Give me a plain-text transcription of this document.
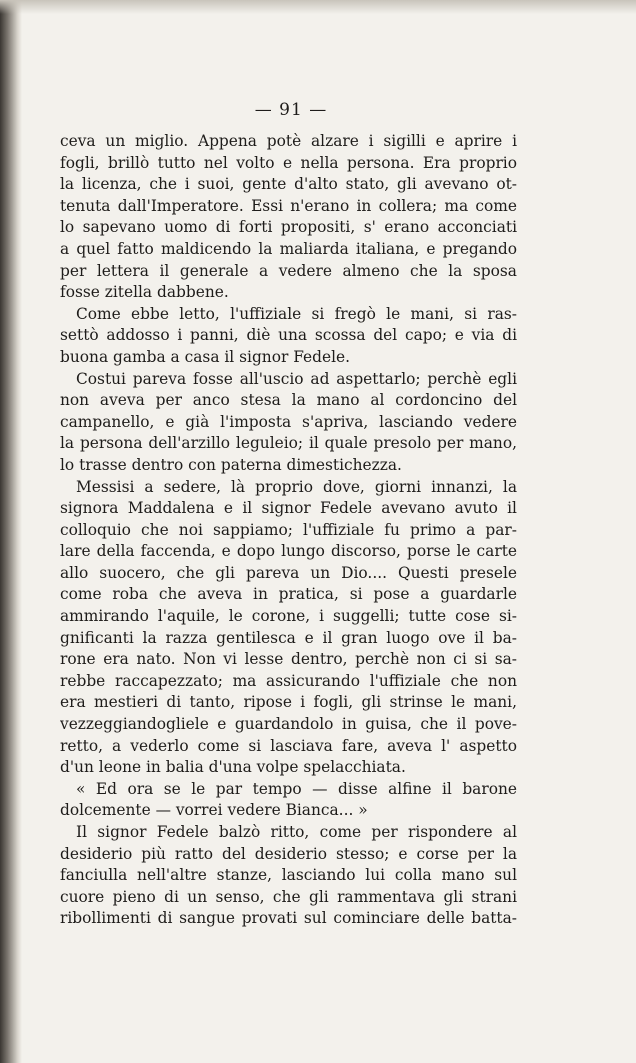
— 91 —
ceva un miglio. Appena potè alzare i sigilli e aprire i
fogli, brillò tutto nel volto e nella persona. Era proprio
la licenza, che i suoi, gente d'alto stato, gli avevano ot-
tenuta dall'Imperatore. Essi n'erano in collera; ma come
lo sapevano uomo di forti propositi, s' erano acconciati
a quel fatto maldicendo la maliarda italiana, e pregando
per lettera il generale a vedere almeno che la sposa
fosse zitella dabbene.
Come ebbe letto, l'uffiziale si fregò le mani, si ras-
settò addosso i panni, diè una scossa del capo; e via di
buona gamba a casa il signor Fedele.
Costui pareva fosse all'uscio ad aspettarlo; perchè egli
non aveva per anco stesa la mano al cordoncino del
campanello, e già l'imposta s'apriva, lasciando vedere
la persona dell'arzillo leguleio; il quale presolo per mano,
lo trasse dentro con paterna dimestichezza.
Messisi a sedere, là proprio dove, giorni innanzi, la
signora Maddalena e il signor Fedele avevano avuto il
colloquio che noi sappiamo; l'uffiziale fu primo a par-
lare della faccenda, e dopo lungo discorso, porse le carte
allo suocero, che gli pareva un Dio.... Questi presele
come roba che aveva in pratica, si pose a guardarle
ammirando l'aquile, le corone, i suggelli; tutte cose si-
gnificanti la razza gentilesca e il gran luogo ove il ba-
rone era nato. Non vi lesse dentro, perchè non ci si sa-
rebbe raccapezzato; ma assicurando l'uffiziale che non
era mestieri di tanto, ripose i fogli, gli strinse le mani,
vezzeggiandogliele e guardandolo in guisa, che il pove-
retto, a vederlo come si lasciava fare, aveva l' aspetto
d'un leone in balia d'una volpe spelacchiata.
« Ed ora se le par tempo — disse alfine il barone
dolcemente — vorrei vedere Bianca... »
Il signor Fedele balzò ritto, come per rispondere al
desiderio più ratto del desiderio stesso; e corse per la
fanciulla nell'altre stanze, lasciando lui colla mano sul
cuore pieno di un senso, che gli rammentava gli strani
ribollimenti di sangue provati sul cominciare delle batta-
